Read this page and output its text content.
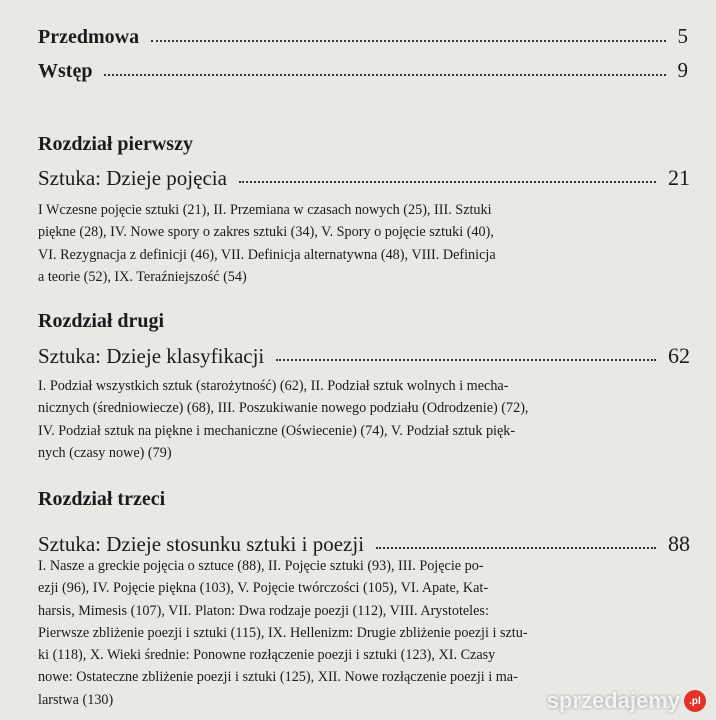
Przedmowa	5
Wstęp	9
Rozdział pierwszy
Sztuka: Dzieje pojęcia	21
I Wczesne pojęcie sztuki (21), II. Przemiana w czasach nowych (25), III. Sztuki
piękne (28), IV. Nowe spory o zakres sztuki (34), V. Spory o pojęcie sztuki (40),
VI. Rezygnacja z definicji (46), VII. Definicja alternatywna (48), VIII. Definicja
a teorie (52), IX. Teraźniejszość (54)
Rozdział drugi
Sztuka: Dzieje klasyfikacji	62
I. Podział wszystkich sztuk (starożytność) (62), II. Podział sztuk wolnych i mecha-
nicznych (średniowiecze) (68), III. Poszukiwanie nowego podziału (Odrodzenie) (72),
IV. Podział sztuk na piękne i mechaniczne (Oświecenie) (74), V. Podział sztuk pięk-
nych (czasy nowe) (79)
Rozdział trzeci
Sztuka: Dzieje stosunku sztuki i poezji	88
I. Nasze a greckie pojęcia o sztuce (88), II. Pojęcie sztuki (93), III. Pojęcie po-
ezji (96), IV. Pojęcie piękna (103), V. Pojęcie twórczości (105), VI. Apate, Kat-
harsis, Mimesis (107), VII. Platon: Dwa rodzaje poezji (112), VIII. Arystoteles:
Pierwsze zbliżenie poezji i sztuki (115), IX. Hellenizm: Drugie zbliżenie poezji i sztu-
ki (118), X. Wieki średnie: Ponowne rozłączenie poezji i sztuki (123), XI. Czasy
nowe: Ostateczne zbliżenie poezji i sztuki (125), XII. Nowe rozłączenie poezji i ma-
larstwa (130)	sprzedajemy .pl
